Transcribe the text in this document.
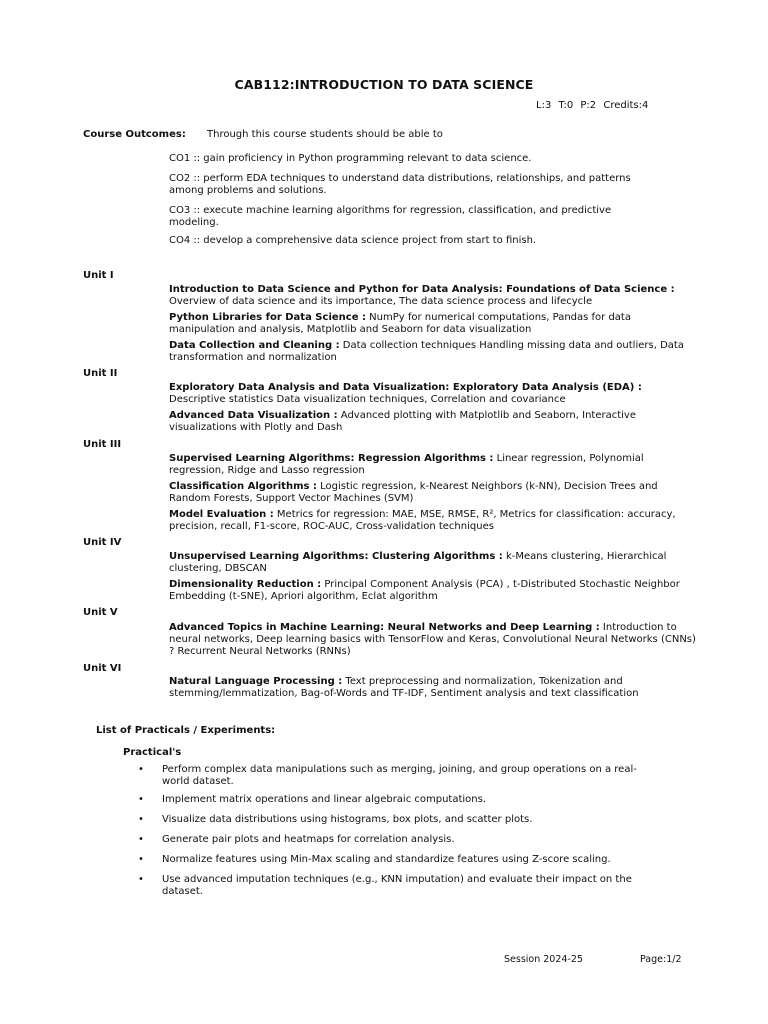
CAB112:INTRODUCTION TO DATA SCIENCE
L:3 T:0 P:2 Credits:4
Course Outcomes: Through this course students should be able to
CO1 :: gain proficiency in Python programming relevant to data science.
CO2 :: perform EDA techniques to understand data distributions, relationships, and patterns among problems and solutions.
CO3 :: execute machine learning algorithms for regression, classification, and predictive modeling.
CO4 :: develop a comprehensive data science project from start to finish.
Unit I
Introduction to Data Science and Python for Data Analysis: Foundations of Data Science : Overview of data science and its importance, The data science process and lifecycle
Python Libraries for Data Science : NumPy for numerical computations, Pandas for data manipulation and analysis, Matplotlib and Seaborn for data visualization
Data Collection and Cleaning : Data collection techniques Handling missing data and outliers, Data transformation and normalization
Unit II
Exploratory Data Analysis and Data Visualization: Exploratory Data Analysis (EDA) : Descriptive statistics Data visualization techniques, Correlation and covariance
Advanced Data Visualization : Advanced plotting with Matplotlib and Seaborn, Interactive visualizations with Plotly and Dash
Unit III
Supervised Learning Algorithms: Regression Algorithms : Linear regression, Polynomial regression, Ridge and Lasso regression
Classification Algorithms : Logistic regression, k-Nearest Neighbors (k-NN), Decision Trees and Random Forests, Support Vector Machines (SVM)
Model Evaluation : Metrics for regression: MAE, MSE, RMSE, R², Metrics for classification: accuracy, precision, recall, F1-score, ROC-AUC, Cross-validation techniques
Unit IV
Unsupervised Learning Algorithms: Clustering Algorithms : k-Means clustering, Hierarchical clustering, DBSCAN
Dimensionality Reduction : Principal Component Analysis (PCA) , t-Distributed Stochastic Neighbor Embedding (t-SNE), Apriori algorithm, Eclat algorithm
Unit V
Advanced Topics in Machine Learning: Neural Networks and Deep Learning : Introduction to neural networks, Deep learning basics with TensorFlow and Keras, Convolutional Neural Networks (CNNs) ? Recurrent Neural Networks (RNNs)
Unit VI
Natural Language Processing : Text preprocessing and normalization, Tokenization and stemming/lemmatization, Bag-of-Words and TF-IDF, Sentiment analysis and text classification
List of Practicals / Experiments:
Practical's
• Perform complex data manipulations such as merging, joining, and group operations on a real-world dataset.
• Implement matrix operations and linear algebraic computations.
• Visualize data distributions using histograms, box plots, and scatter plots.
• Generate pair plots and heatmaps for correlation analysis.
• Normalize features using Min-Max scaling and standardize features using Z-score scaling.
• Use advanced imputation techniques (e.g., KNN imputation) and evaluate their impact on the dataset.
Session 2024-25	Page:1/2
